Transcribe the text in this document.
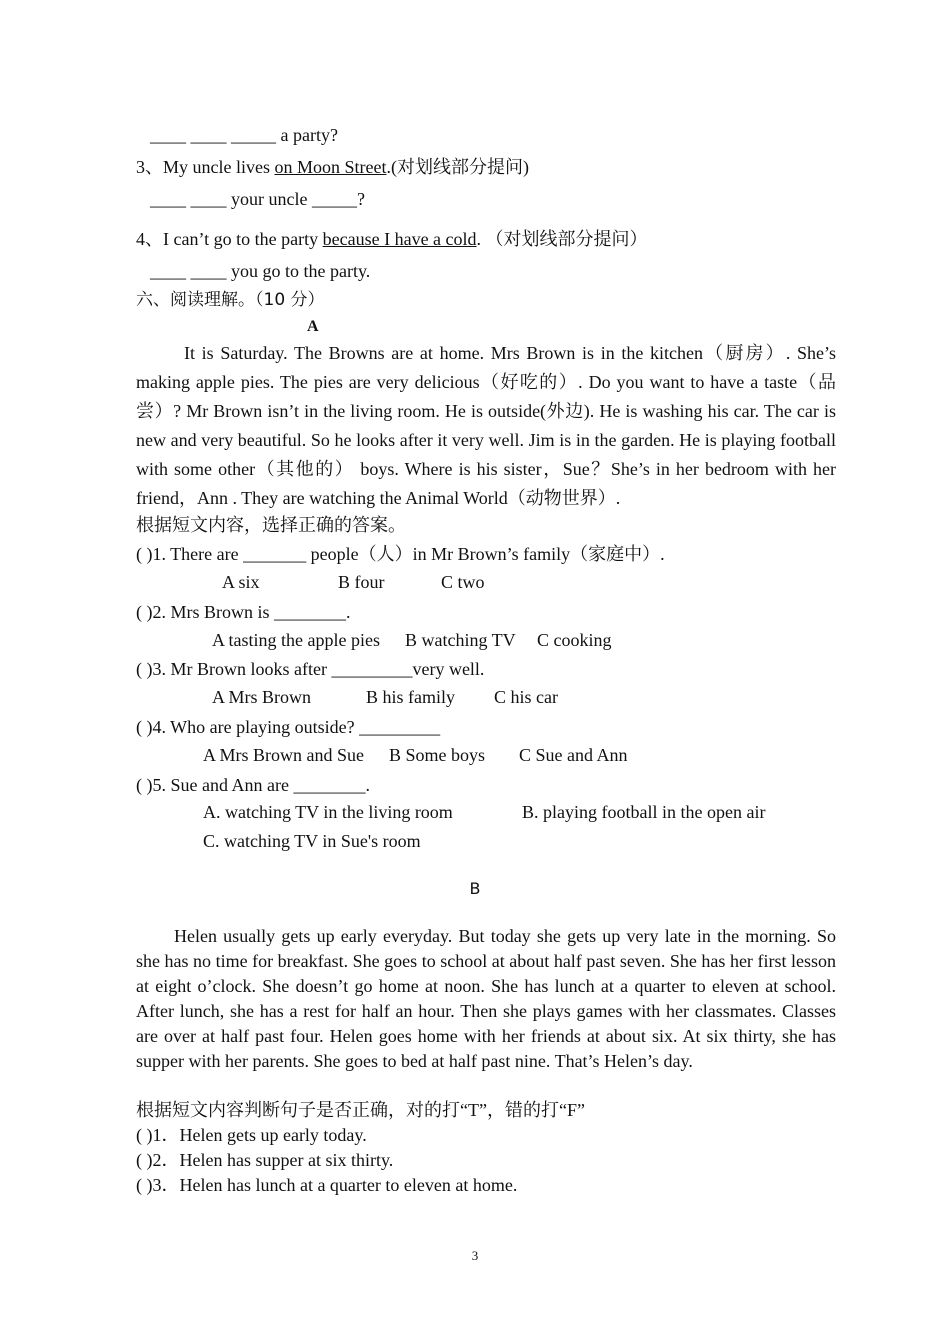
____ ____ _____ a party?
3、My uncle lives on Moon Street.(对划线部分提问)
____ ____ your uncle _____?
4、I can’t go to the party because I have a cold. （对划线部分提问）
____ ____ you go to the party.
六、阅读理解。（10 分）
A
It is Saturday. The Browns are at home. Mrs Brown is in the kitchen（厨房）. She’s making apple pies. The pies are very delicious（好吃的）. Do you want to have a taste（品尝）? Mr Brown isn’t in the living room. He is outside(外边). He is washing his car. The car is new and very beautiful. So he looks after it very well. Jim is in the garden. He is playing football with some other（其他的） boys. Where is his sister，Sue？She’s in her bedroom with her friend，Ann . They are watching the Animal World（动物世界）.
根据短文内容，选择正确的答案。
( )1. There are _______ people（人）in Mr Brown’s family（家庭中）.
A six	B four	C two
( )2. Mrs Brown is ________.
A tasting the apple pies B watching TV C cooking
( )3. Mr Brown looks after _________very well.
A Mrs Brown	B his family C his car
( )4. Who are playing outside? _________
A Mrs Brown and Sue B Some boys C Sue and Ann
( )5. Sue and Ann are ________.
A. watching TV in the living room	B. playing football in the open air
C. watching TV in Sue's room
B
Helen usually gets up early everyday. But today she gets up very late in the morning. So she has no time for breakfast. She goes to school at about half past seven. She has her first lesson at eight o’clock. She doesn’t go home at noon. She has lunch at a quarter to eleven at school. After lunch, she has a rest for half an hour. Then she plays games with her classmates. Classes are over at half past four. Helen goes home with her friends at about six. At six thirty, she has supper with her parents. She goes to bed at half past nine. That’s Helen’s day.
根据短文内容判断句子是否正确，对的打“T”，错的打“F”
( )1．Helen gets up early today.
( )2．Helen has supper at six thirty.
( )3．Helen has lunch at a quarter to eleven at home.
3
